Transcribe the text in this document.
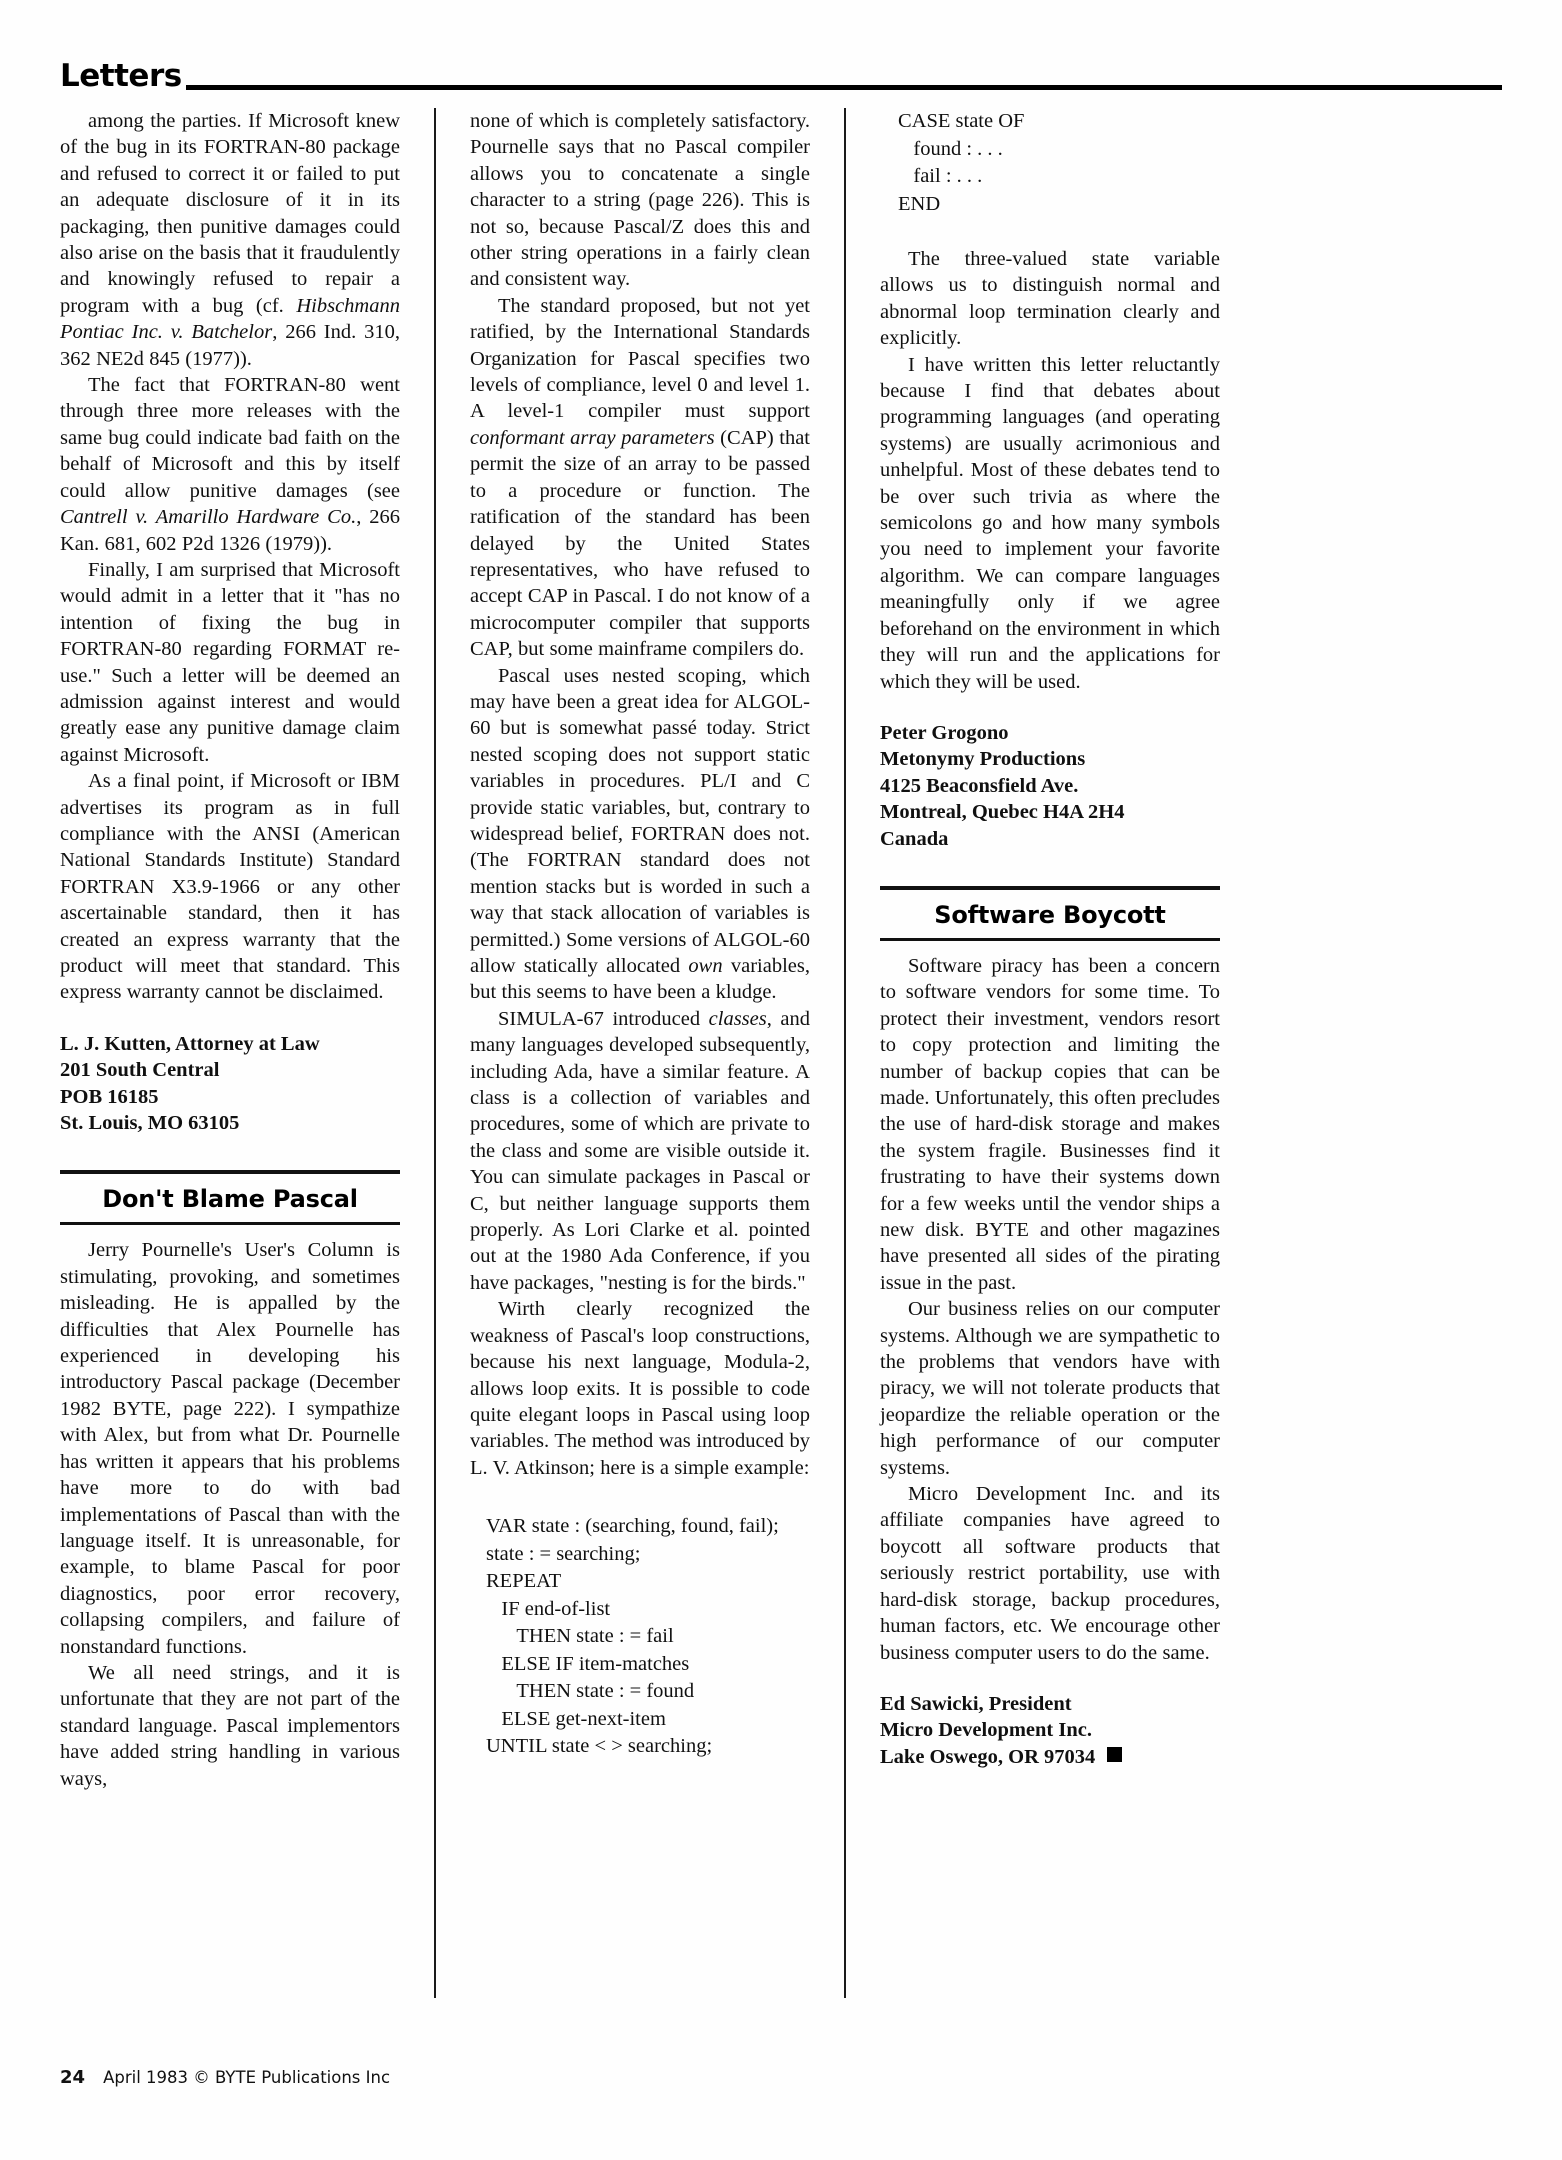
Letters

among the parties. If Microsoft knew of the bug in its FORTRAN-80 package and refused to correct it or failed to put an adequate disclosure of it in its packaging, then punitive damages could also arise on the basis that it fraudulently and knowingly refused to repair a program with a bug (cf. Hibschmann Pontiac Inc. v. Batchelor, 266 Ind. 310, 362 NE2d 845 (1977)).

The fact that FORTRAN-80 went through three more releases with the same bug could indicate bad faith on the behalf of Microsoft and this by itself could allow punitive damages (see Cantrell v. Amarillo Hardware Co., 266 Kan. 681, 602 P2d 1326 (1979)).

Finally, I am surprised that Microsoft would admit in a letter that it "has no intention of fixing the bug in FORTRAN-80 regarding FORMAT re-use." Such a letter will be deemed an admission against interest and would greatly ease any punitive damage claim against Microsoft.

As a final point, if Microsoft or IBM advertises its program as in full compliance with the ANSI (American National Standards Institute) Standard FORTRAN X3.9-1966 or any other ascertainable standard, then it has created an express warranty that the product will meet that standard. This express warranty cannot be disclaimed.

L. J. Kutten, Attorney at Law
201 South Central
POB 16185
St. Louis, MO 63105
Don't Blame Pascal

Jerry Pournelle's User's Column is stimulating, provoking, and sometimes misleading. He is appalled by the difficulties that Alex Pournelle has experienced in developing his introductory Pascal package (December 1982 BYTE, page 222). I sympathize with Alex, but from what Dr. Pournelle has written it appears that his problems have more to do with bad implementations of Pascal than with the language itself. It is unreasonable, for example, to blame Pascal for poor diagnostics, poor error recovery, collapsing compilers, and failure of nonstandard functions.

We all need strings, and it is unfortunate that they are not part of the standard language. Pascal implementors have added string handling in various ways,

none of which is completely satisfactory. Pournelle says that no Pascal compiler allows you to concatenate a single character to a string (page 226). This is not so, because Pascal/Z does this and other string operations in a fairly clean and consistent way.

The standard proposed, but not yet ratified, by the International Standards Organization for Pascal specifies two levels of compliance, level 0 and level 1. A level-1 compiler must support conformant array parameters (CAP) that permit the size of an array to be passed to a procedure or function. The ratification of the standard has been delayed by the United States representatives, who have refused to accept CAP in Pascal. I do not know of a microcomputer compiler that supports CAP, but some mainframe compilers do.

Pascal uses nested scoping, which may have been a great idea for ALGOL-60 but is somewhat passé today. Strict nested scoping does not support static variables in procedures. PL/I and C provide static variables, but, contrary to widespread belief, FORTRAN does not. (The FORTRAN standard does not mention stacks but is worded in such a way that stack allocation of variables is permitted.) Some versions of ALGOL-60 allow statically allocated own variables, but this seems to have been a kludge.

SIMULA-67 introduced classes, and many languages developed subsequently, including Ada, have a similar feature. A class is a collection of variables and procedures, some of which are private to the class and some are visible outside it. You can simulate packages in Pascal or C, but neither language supports them properly. As Lori Clarke et al. pointed out at the 1980 Ada Conference, if you have packages, "nesting is for the birds."

Wirth clearly recognized the weakness of Pascal's loop constructions, because his next language, Modula-2, allows loop exits. It is possible to code quite elegant loops in Pascal using loop variables. The method was introduced by L. V. Atkinson; here is a simple example:

VAR state : (searching, found, fail);
state : = searching;
REPEAT
IF end-of-list
THEN state : = fail
ELSE IF item-matches
THEN state : = found
ELSE get-next-item
UNTIL state < > searching;
CASE state OF
found : . . .
fail : . . .
END

The three-valued state variable allows us to distinguish normal and abnormal loop termination clearly and explicitly.

I have written this letter reluctantly because I find that debates about programming languages (and operating systems) are usually acrimonious and unhelpful. Most of these debates tend to be over such trivia as where the semicolons go and how many symbols you need to implement your favorite algorithm. We can compare languages meaningfully only if we agree beforehand on the environment in which they will run and the applications for which they will be used.

Peter Grogono
Metonymy Productions
4125 Beaconsfield Ave.
Montreal, Quebec H4A 2H4
Canada
Software Boycott

Software piracy has been a concern to software vendors for some time. To protect their investment, vendors resort to copy protection and limiting the number of backup copies that can be made. Unfortunately, this often precludes the use of hard-disk storage and makes the system fragile. Businesses find it frustrating to have their systems down for a few weeks until the vendor ships a new disk. BYTE and other magazines have presented all sides of the pirating issue in the past.

Our business relies on our computer systems. Although we are sympathetic to the problems that vendors have with piracy, we will not tolerate products that jeopardize the reliable operation or the high performance of our computer systems.

Micro Development Inc. and its affiliate companies have agreed to boycott all software products that seriously restrict portability, use with hard-disk storage, backup procedures, human factors, etc. We encourage other business computer users to do the same.

Ed Sawicki, President
Micro Development Inc.
Lake Oswego, OR 97034
24 April 1983 © BYTE Publications Inc
